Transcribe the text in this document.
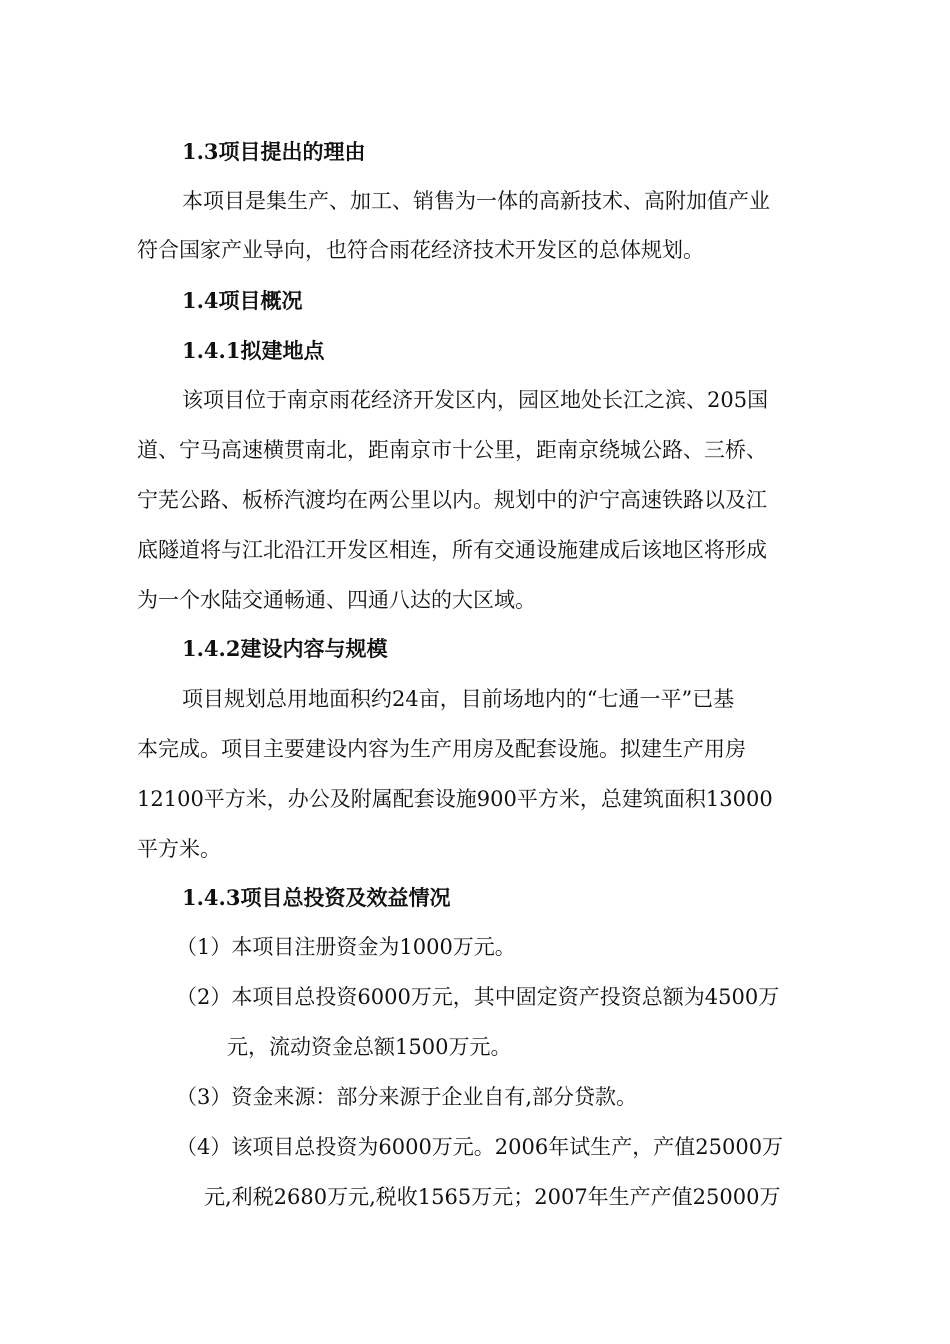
1.3项目提出的理由
本项目是集生产、加工、销售为一体的高新技术、高附加值产业
符合国家产业导向，也符合雨花经济技术开发区的总体规划。
1.4项目概况
1.4.1拟建地点
该项目位于南京雨花经济开发区内，园区地处长江之滨、205国
道、宁马高速横贯南北，距南京市十公里，距南京绕城公路、三桥、
宁芜公路、板桥汽渡均在两公里以内。规划中的沪宁高速铁路以及江
底隧道将与江北沿江开发区相连，所有交通设施建成后该地区将形成
为一个水陆交通畅通、四通八达的大区域。
1.4.2建设内容与规模
项目规划总用地面积约24亩，目前场地内的“七通一平”已基
本完成。项目主要建设内容为生产用房及配套设施。拟建生产用房
12100平方米，办公及附属配套设施900平方米，总建筑面积13000
平方米。
1.4.3项目总投资及效益情况
（1）本项目注册资金为1000万元。
（2）本项目总投资6000万元，其中固定资产投资总额为4500万
元，流动资金总额1500万元。
（3）资金来源：部分来源于企业自有,部分贷款。
（4）该项目总投资为6000万元。2006年试生产，产值25000万
元,利税2680万元,税收1565万元；2007年生产产值25000万
